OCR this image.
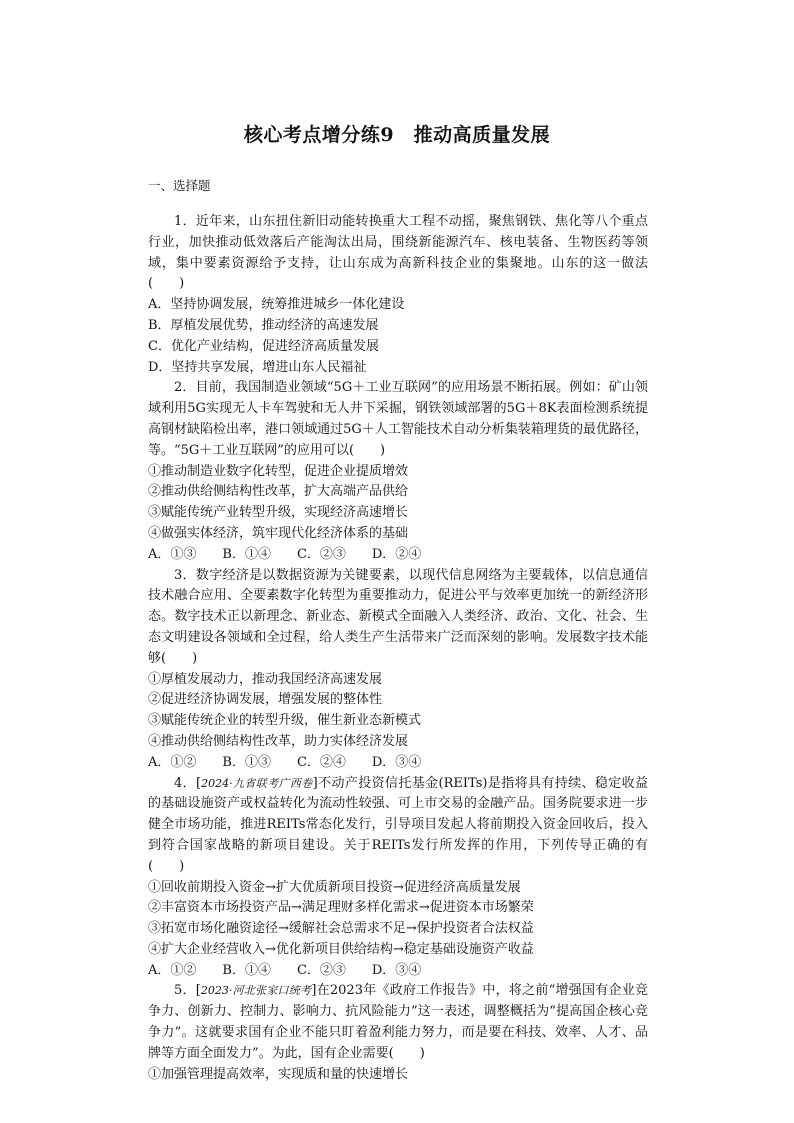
核心考点增分练9　推动高质量发展
一、选择题

1．近年来，山东扭住新旧动能转换重大工程不动摇，聚焦钢铁、焦化等八个重点行业，加快推动低效落后产能淘汰出局，围绕新能源汽车、核电装备、生物医药等领域，集中要素资源给予支持，让山东成为高新科技企业的集聚地。山东的这一做法(　　)

A．坚持协调发展，统筹推进城乡一体化建设

B．厚植发展优势，推动经济的高速发展

C．优化产业结构，促进经济高质量发展

D．坚持共享发展，增进山东人民福祉

2．目前，我国制造业领域“5G＋工业互联网”的应用场景不断拓展。例如：矿山领域利用5G实现无人卡车驾驶和无人井下采掘，钢铁领域部署的5G＋8K表面检测系统提高钢材缺陷检出率，港口领域通过5G＋人工智能技术自动分析集装箱理货的最优路径，等。“5G＋工业互联网”的应用可以(　　)

①推动制造业数字化转型，促进企业提质增效

②推动供给侧结构性改革，扩大高端产品供给

③赋能传统产业转型升级，实现经济高速增长

④做强实体经济，筑牢现代化经济体系的基础

A．①③　　B．①④　　C．②③　　D．②④

3．数字经济是以数据资源为关键要素，以现代信息网络为主要载体，以信息通信技术融合应用、全要素数字化转型为重要推动力，促进公平与效率更加统一的新经济形态。数字技术正以新理念、新业态、新模式全面融入人类经济、政治、文化、社会、生态文明建设各领域和全过程，给人类生产生活带来广泛而深刻的影响。发展数字技术能够(　　)

①厚植发展动力，推动我国经济高速发展

②促进经济协调发展，增强发展的整体性

③赋能传统企业的转型升级，催生新业态新模式

④推动供给侧结构性改革，助力实体经济发展

A．①②　　B．①③　　C．②④　　D．③④

4．[2024·九省联考广西卷]不动产投资信托基金(REITs)是指将具有持续、稳定收益的基础设施资产或权益转化为流动性较强、可上市交易的金融产品。国务院要求进一步健全市场功能，推进REITs常态化发行，引导项目发起人将前期投入资金回收后，投入到符合国家战略的新项目建设。关于REITs发行所发挥的作用，下列传导正确的有(　　)

①回收前期投入资金→扩大优质新项目投资→促进经济高质量发展

②丰富资本市场投资产品→满足理财多样化需求→促进资本市场繁荣

③拓宽市场化融资途径→缓解社会总需求不足→保护投资者合法权益

④扩大企业经营收入→优化新项目供给结构→稳定基础设施资产收益

A．①②　　B．①④　　C．②③　　D．③④

5．[2023·河北张家口统考]在2023年《政府工作报告》中，将之前“增强国有企业竞争力、创新力、控制力、影响力、抗风险能力”这一表述，调整概括为“提高国企核心竞争力”。这就要求国有企业不能只盯着盈利能力努力，而是要在科技、效率、人才、品牌等方面全面发力”。为此，国有企业需要(　　)

①加强管理提高效率，实现质和量的快速增长
